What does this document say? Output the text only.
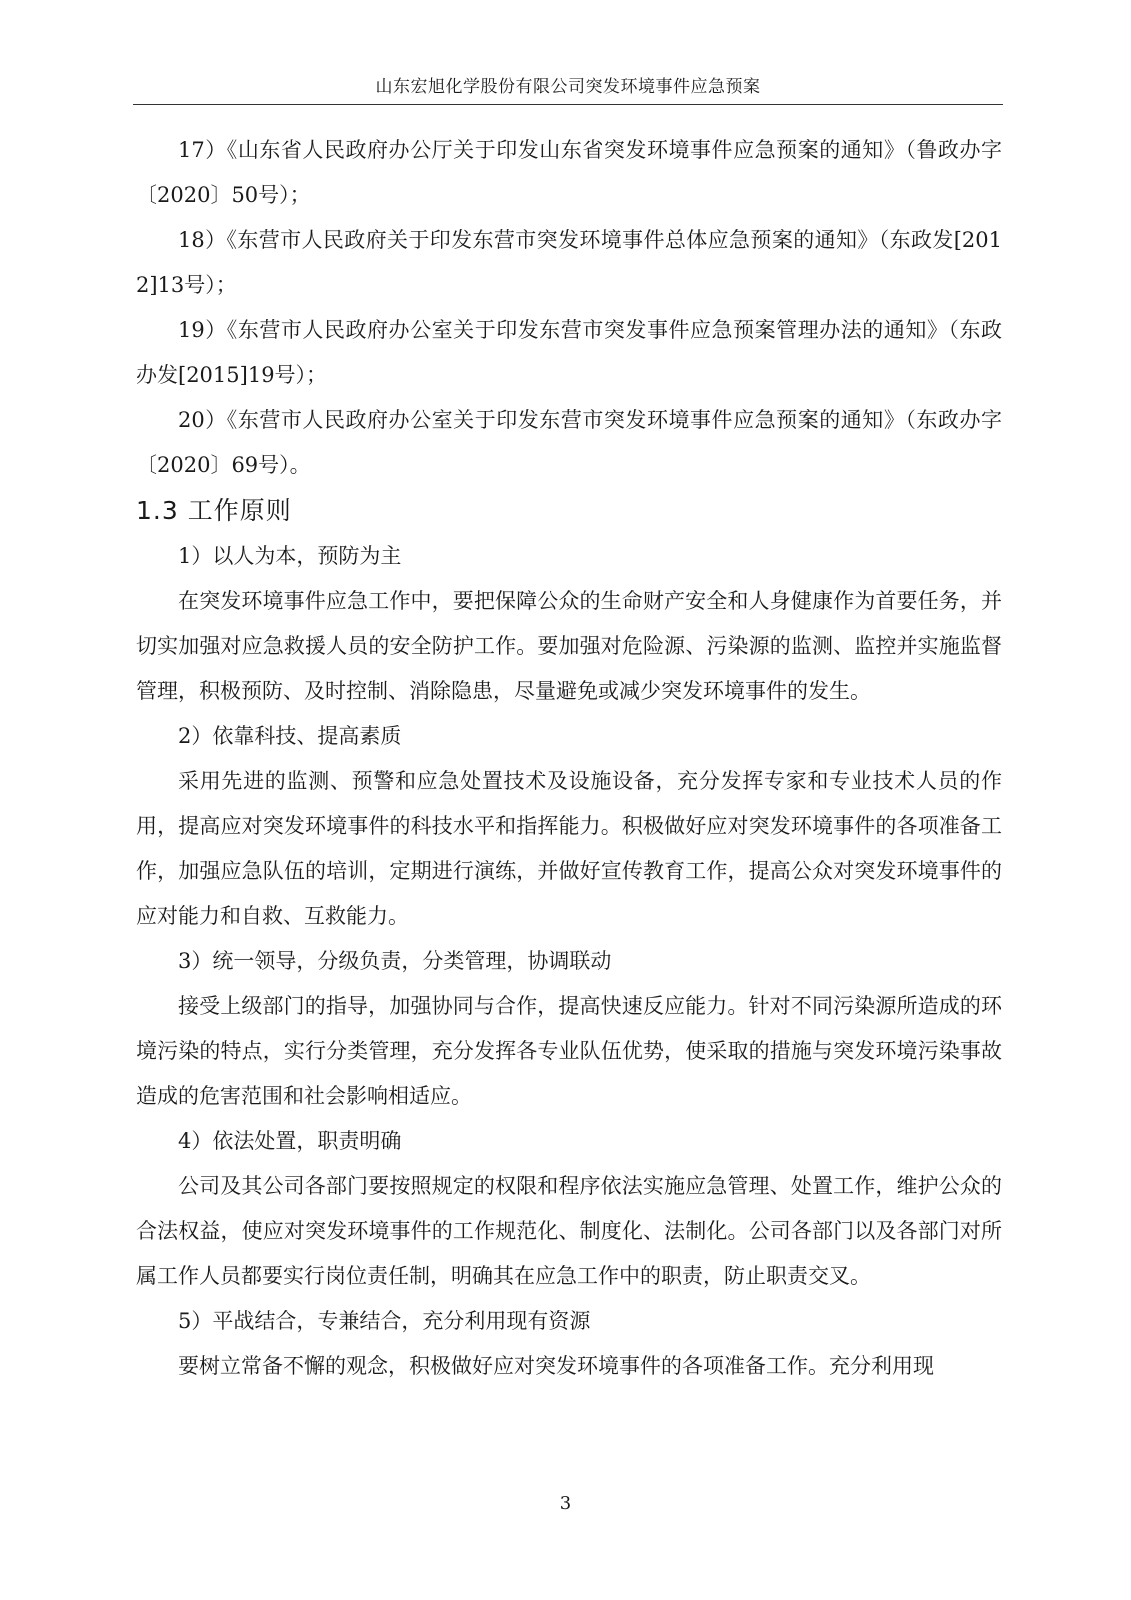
山东宏旭化学股份有限公司突发环境事件应急预案

17）《山东省人民政府办公厅关于印发山东省突发环境事件应急预案的通知》（鲁政办字〔2020〕50号）；

18）《东营市人民政府关于印发东营市突发环境事件总体应急预案的通知》（东政发[2012]13号）；

19）《东营市人民政府办公室关于印发东营市突发事件应急预案管理办法的通知》（东政办发[2015]19号）；

20）《东营市人民政府办公室关于印发东营市突发环境事件应急预案的通知》（东政办字〔2020〕69号）。

1.3 工作原则

1）以人为本，预防为主

在突发环境事件应急工作中，要把保障公众的生命财产安全和人身健康作为首要任务，并切实加强对应急救援人员的安全防护工作。要加强对危险源、污染源的监测、监控并实施监督管理，积极预防、及时控制、消除隐患，尽量避免或减少突发环境事件的发生。

2）依靠科技、提高素质

采用先进的监测、预警和应急处置技术及设施设备，充分发挥专家和专业技术人员的作用，提高应对突发环境事件的科技水平和指挥能力。积极做好应对突发环境事件的各项准备工作，加强应急队伍的培训，定期进行演练，并做好宣传教育工作，提高公众对突发环境事件的应对能力和自救、互救能力。

3）统一领导，分级负责，分类管理，协调联动

接受上级部门的指导，加强协同与合作，提高快速反应能力。针对不同污染源所造成的环境污染的特点，实行分类管理，充分发挥各专业队伍优势，使采取的措施与突发环境污染事故造成的危害范围和社会影响相适应。

4）依法处置，职责明确

公司及其公司各部门要按照规定的权限和程序依法实施应急管理、处置工作，维护公众的合法权益，使应对突发环境事件的工作规范化、制度化、法制化。公司各部门以及各部门对所属工作人员都要实行岗位责任制，明确其在应急工作中的职责，防止职责交叉。

5）平战结合，专兼结合，充分利用现有资源

要树立常备不懈的观念，积极做好应对突发环境事件的各项准备工作。充分利用现

3
